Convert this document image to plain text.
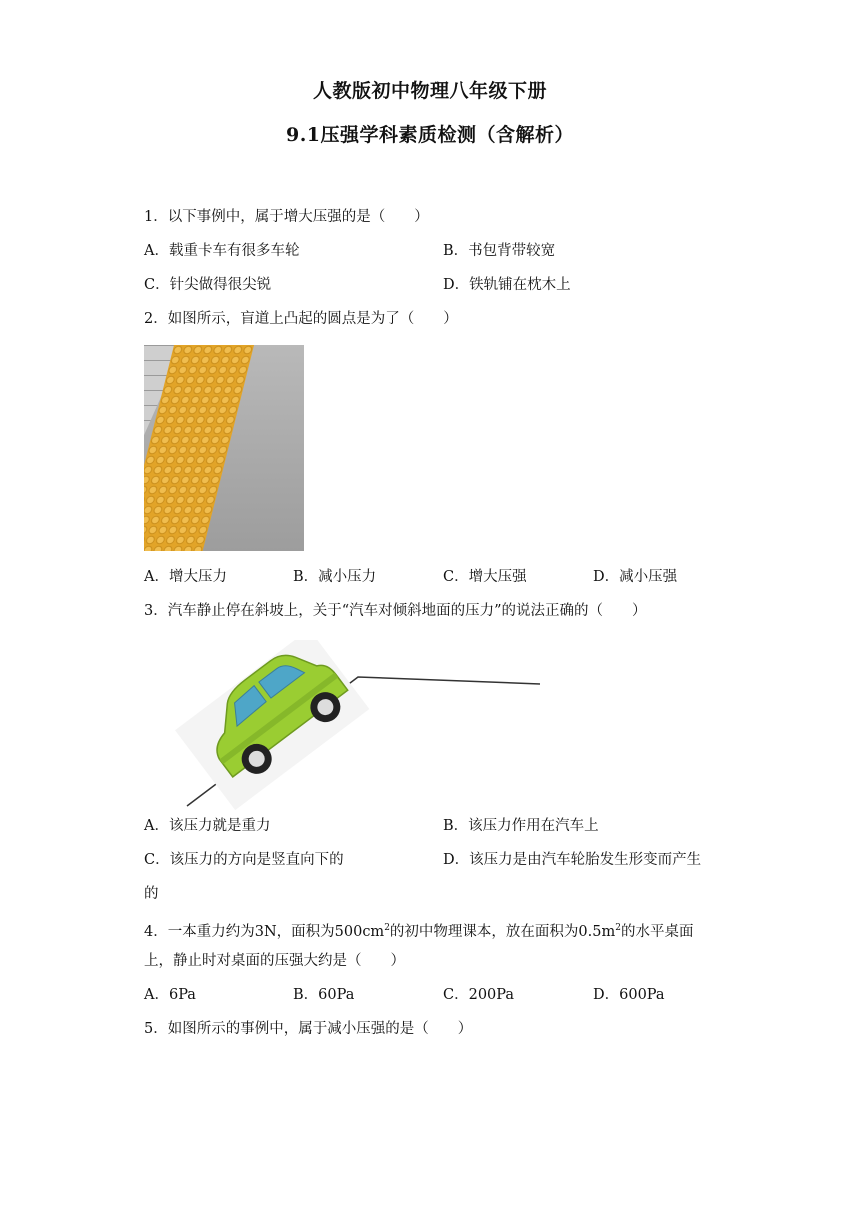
人教版初中物理八年级下册
9.1压强学科素质检测（含解析）
1．以下事例中，属于增大压强的是（　　）
A．载重卡车有很多车轮	B．书包背带较宽
C．针尖做得很尖锐	D．铁轨铺在枕木上
2．如图所示，盲道上凸起的圆点是为了（　　）
A．增大压力	B．减小压力	C．增大压强	D．减小压强
3．汽车静止停在斜坡上，关于“汽车对倾斜地面的压力”的说法正确的（　　）
A．该压力就是重力	B．该压力作用在汽车上
C．该压力的方向是竖直向下的	D．该压力是由汽车轮胎发生形变而产生
的
4．一本重力约为3N，面积为$500cm^2$的初中物理课本，放在面积为$0.5m^2$的水平桌面
上，静止时对桌面的压强大约是（　　）
A．6Pa	B．60Pa	C．200Pa	D．600Pa
5．如图所示的事例中，属于减小压强的是（　　）
